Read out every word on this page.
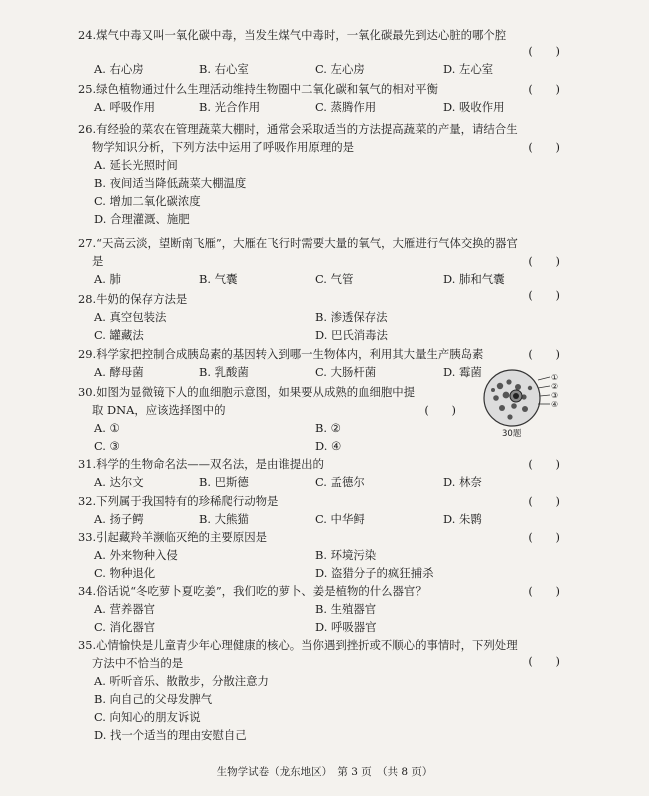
24.煤气中毒又叫一氧化碳中毒，当发生煤气中毒时，一氧化碳最先到达心脏的哪个腔
(　　)
A. 右心房	B. 右心室	C. 左心房	D. 左心室
25.绿色植物通过什么生理活动维持生物圈中二氧化碳和氧气的相对平衡	(　　)
A. 呼吸作用	B. 光合作用	C. 蒸腾作用	D. 吸收作用
26.有经验的菜农在管理蔬菜大棚时，通常会采取适当的方法提高蔬菜的产量，请结合生
物学知识分析，下列方法中运用了呼吸作用原理的是	(　　)
A. 延长光照时间
B. 夜间适当降低蔬菜大棚温度
C. 增加二氧化碳浓度
D. 合理灌溉、施肥
27.“天高云淡，望断南飞雁”，大雁在飞行时需要大量的氧气，大雁进行气体交换的器官
是	(　　)
A. 肺	B. 气囊	C. 气管	D. 肺和气囊
28.牛奶的保存方法是	(　　)
A. 真空包装法	B. 渗透保存法
C. 罐藏法	D. 巴氏消毒法
29.科学家把控制合成胰岛素的基因转入到哪一生物体内，利用其大量生产胰岛素	(　　)
A. 酵母菌	B. 乳酸菌	C. 大肠杆菌	D. 霉菌
30.如图为显微镜下人的血细胞示意图，如果要从成熟的血细胞中提
取 DNA，应该选择图中的	(　　)
A. ①	B. ②
C. ③	D. ④
①
②
③
④
30题
31.科学的生物命名法——双名法，是由谁提出的	(　　)
A. 达尔文	B. 巴斯德	C. 孟德尔	D. 林奈
32.下列属于我国特有的珍稀爬行动物是	(　　)
A. 扬子鳄	B. 大熊猫	C. 中华鲟	D. 朱鹮
33.引起藏羚羊濒临灭绝的主要原因是	(　　)
A. 外来物种入侵	B. 环境污染
C. 物种退化	D. 盗猎分子的疯狂捕杀
34.俗话说“冬吃萝卜夏吃姜”，我们吃的萝卜、姜是植物的什么器官？	(　　)
A. 营养器官	B. 生殖器官
C. 消化器官	D. 呼吸器官
35.心情愉快是儿童青少年心理健康的核心。当你遇到挫折或不顺心的事情时，下列处理
方法中不恰当的是	(　　)
A. 听听音乐、散散步，分散注意力
B. 向自己的父母发脾气
C. 向知心的朋友诉说
D. 找一个适当的理由安慰自己
生物学试卷（龙东地区）　第 3 页　（共 8 页）
